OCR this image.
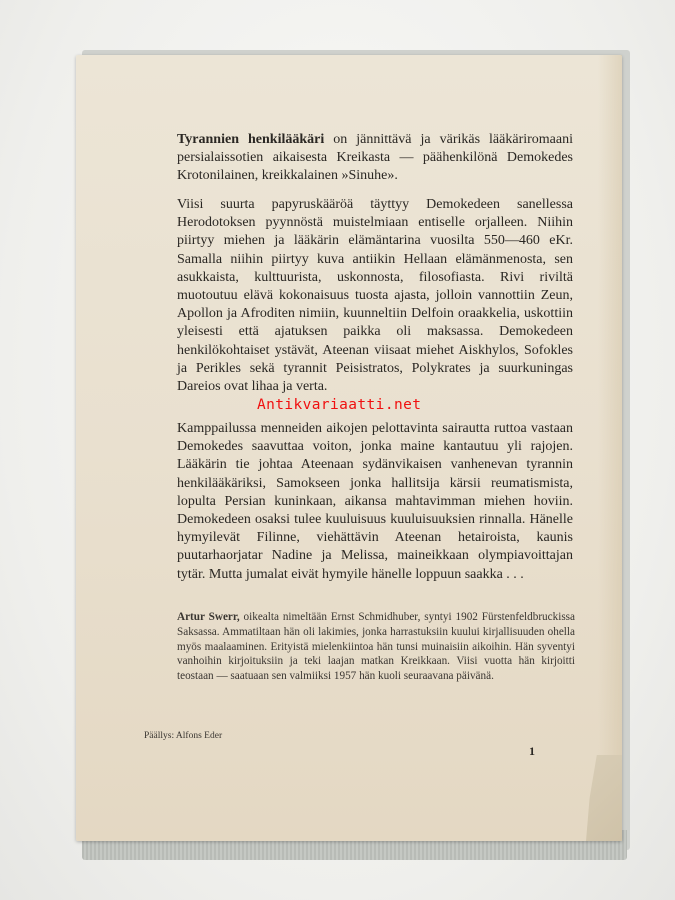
Tyrannien henkilääkäri on jännittävä ja värikäs lääkäriromaani persialaissotien aikaisesta Kreikasta — päähenkilönä Demokedes Krotonilainen, kreikkalainen »Sinuhe».
Viisi suurta papyruskääröä täyttyy Demokedeen sanellessa Herodotoksen pyynnöstä muistelmiaan entiselle orjalleen. Niihin piirtyy miehen ja lääkärin elämäntarina vuosilta 550—460 eKr. Samalla niihin piirtyy kuva antiikin Hellaan elämänmenosta, sen asukkaista, kulttuurista, uskonnosta, filosofiasta. Rivi riviltä muotoutuu elävä kokonaisuus tuosta ajasta, jolloin vannottiin Zeun, Apollon ja Afroditen nimiin, kuunneltiin Delfoin oraakkelia, uskottiin yleisesti että ajatuksen paikka oli maksassa. Demokedeen henkilökohtaiset ystävät, Ateenan viisaat miehet Aiskhylos, Sofokles ja Perikles sekä tyrannit Peisistratos, Polykrates ja suurkuningas Dareios ovat lihaa ja verta.
Antikvariaatti.net
Kamppailussa menneiden aikojen pelottavinta sairautta ruttoa vastaan Demokedes saavuttaa voiton, jonka maine kantautuu yli rajojen. Lääkärin tie johtaa Ateenaan sydänvikaisen vanhenevan tyrannin henkilääkäriksi, Samokseen jonka hallitsija kärsii reumatismista, lopulta Persian kuninkaan, aikansa mahtavimman miehen hoviin. Demokedeen osaksi tulee kuuluisuus kuuluisuuksien rinnalla. Hänelle hymyilevät Filinne, viehättävin Ateenan hetairoista, kaunis puutarhaorjatar Nadine ja Melissa, maineikkaan olympiavoittajan tytär. Mutta jumalat eivät hymyile hänelle loppuun saakka . . .
Artur Swerr, oikealta nimeltään Ernst Schmidhuber, syntyi 1902 Fürstenfeldbruckissa Saksassa. Ammatiltaan hän oli lakimies, jonka harrastuksiin kuului kirjallisuuden ohella myös maalaaminen. Erityistä mielenkiintoa hän tunsi muinaisiin aikoihin. Hän syventyi vanhoihin kirjoituksiin ja teki laajan matkan Kreikkaan. Viisi vuotta hän kirjoitti teostaan — saatuaan sen valmiiksi 1957 hän kuoli seuraavana päivänä.
Päällys: Alfons Eder
1
